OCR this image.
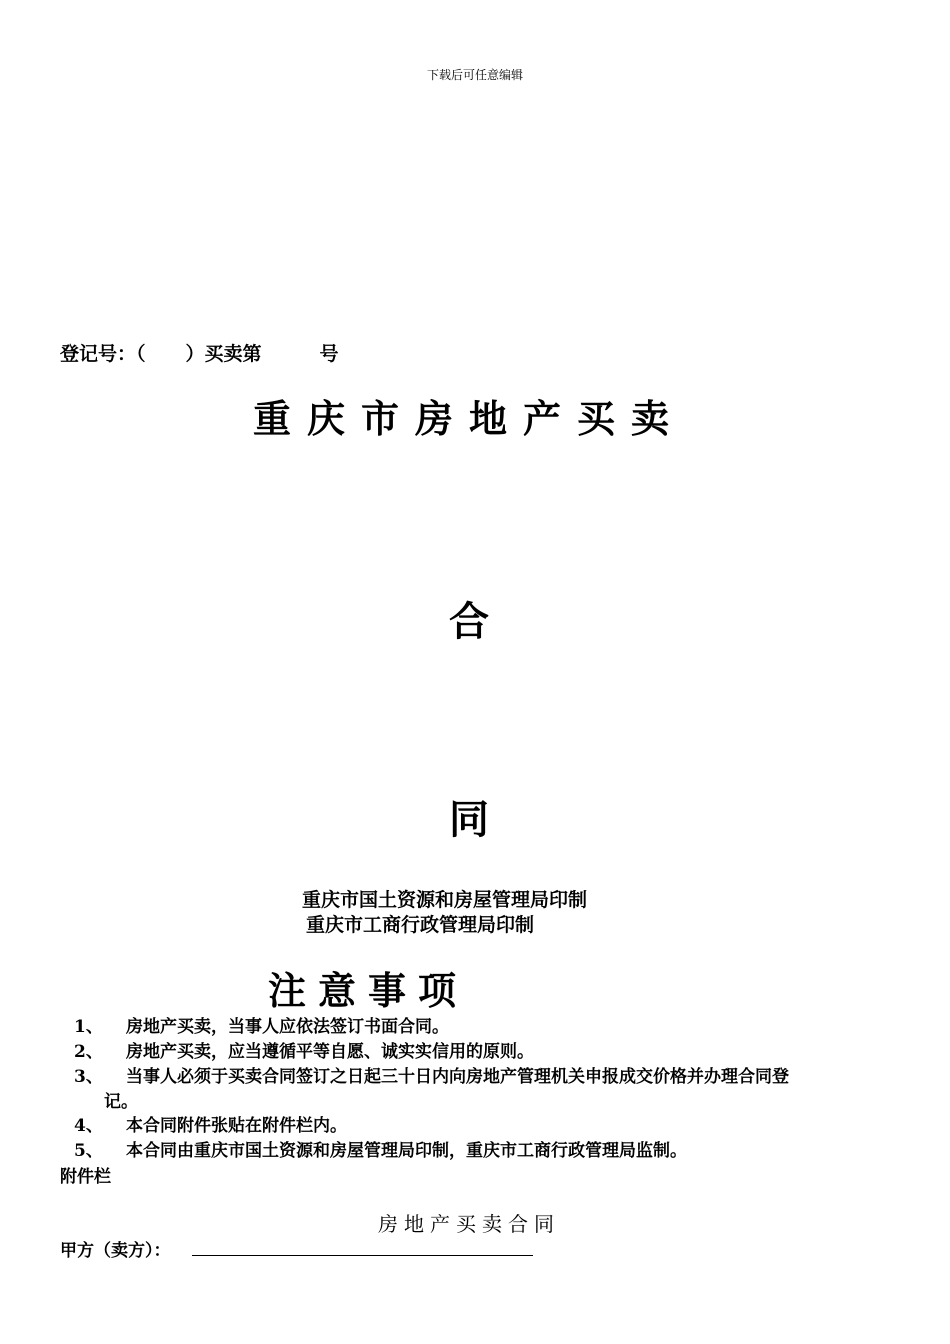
下载后可任意编辑
登记号：（ ）买卖第	号
重庆市房地产买卖
合
同
重庆市国土资源和房屋管理局印制
重庆市工商行政管理局印制
注意事项
1、 房地产买卖，当事人应依法签订书面合同。
2、 房地产买卖，应当遵循平等自愿、诚实实信用的原则。
3、 当事人必须于买卖合同签订之日起三十日内向房地产管理机关申报成交价格并办理合同登
记。
4、 本合同附件张贴在附件栏内。
5、 本合同由重庆市国土资源和房屋管理局印制，重庆市工商行政管理局监制。
附件栏
房地产买卖合同
甲方（卖方）：
